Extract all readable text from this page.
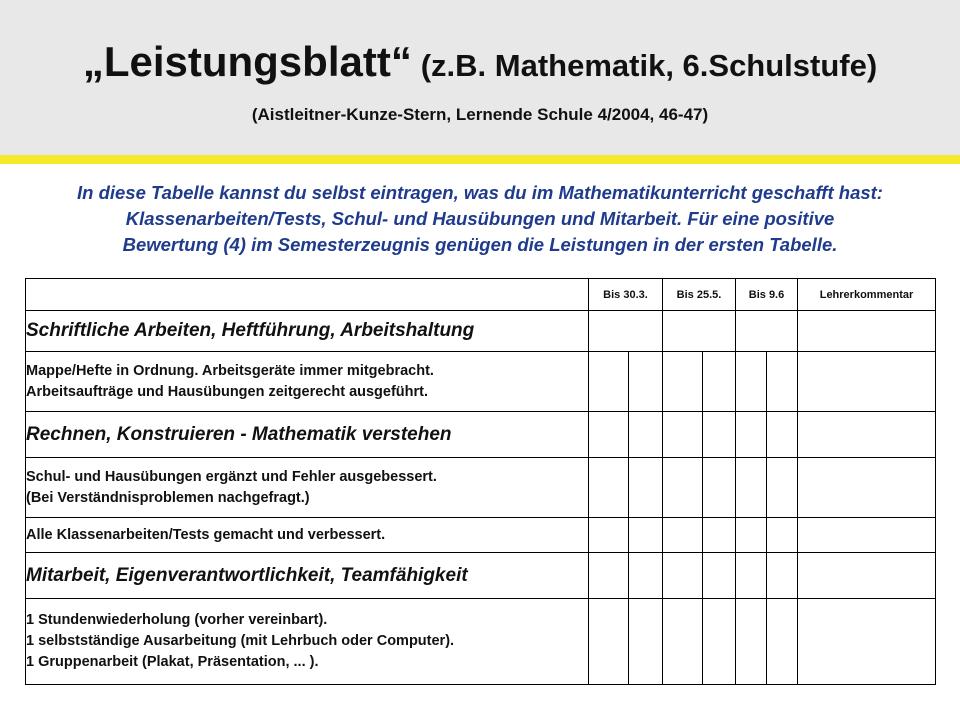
„Leistungsblatt“ (z.B. Mathematik, 6.Schulstufe)
(Aistleitner-Kunze-Stern, Lernende Schule 4/2004, 46-47)
In diese Tabelle kannst du selbst eintragen, was du im Mathematikunterricht geschafft hast:
Klassenarbeiten/Tests, Schul- und Hausübungen und Mitarbeit. Für eine positive
Bewertung (4) im Semesterzeugnis genügen die Leistungen in der ersten Tabelle.
	Bis 30.3.		Bis 25.5.		Bis 9.6		Lehrerkommentar
Schriftliche Arbeiten, Heftführung, Arbeitshaltung							

Mappe/Hefte in Ordnung. Arbeitsgeräte immer mitgebracht.
Arbeitsaufträge und Hausübungen zeitgerecht ausgeführt.							

Rechnen, Konstruieren - Mathematik verstehen							

Schul- und Hausübungen ergänzt und Fehler ausgebessert.
(Bei Verständnisproblemen nachgefragt.)							

Alle Klassenarbeiten/Tests gemacht und verbessert.							

Mitarbeit, Eigenverantwortlichkeit, Teamfähigkeit							

1 Stundenwiederholung (vorher vereinbart).
1 selbstständige Ausarbeitung (mit Lehrbuch oder Computer).
1 Gruppenarbeit (Plakat, Präsentation, ... ).							
